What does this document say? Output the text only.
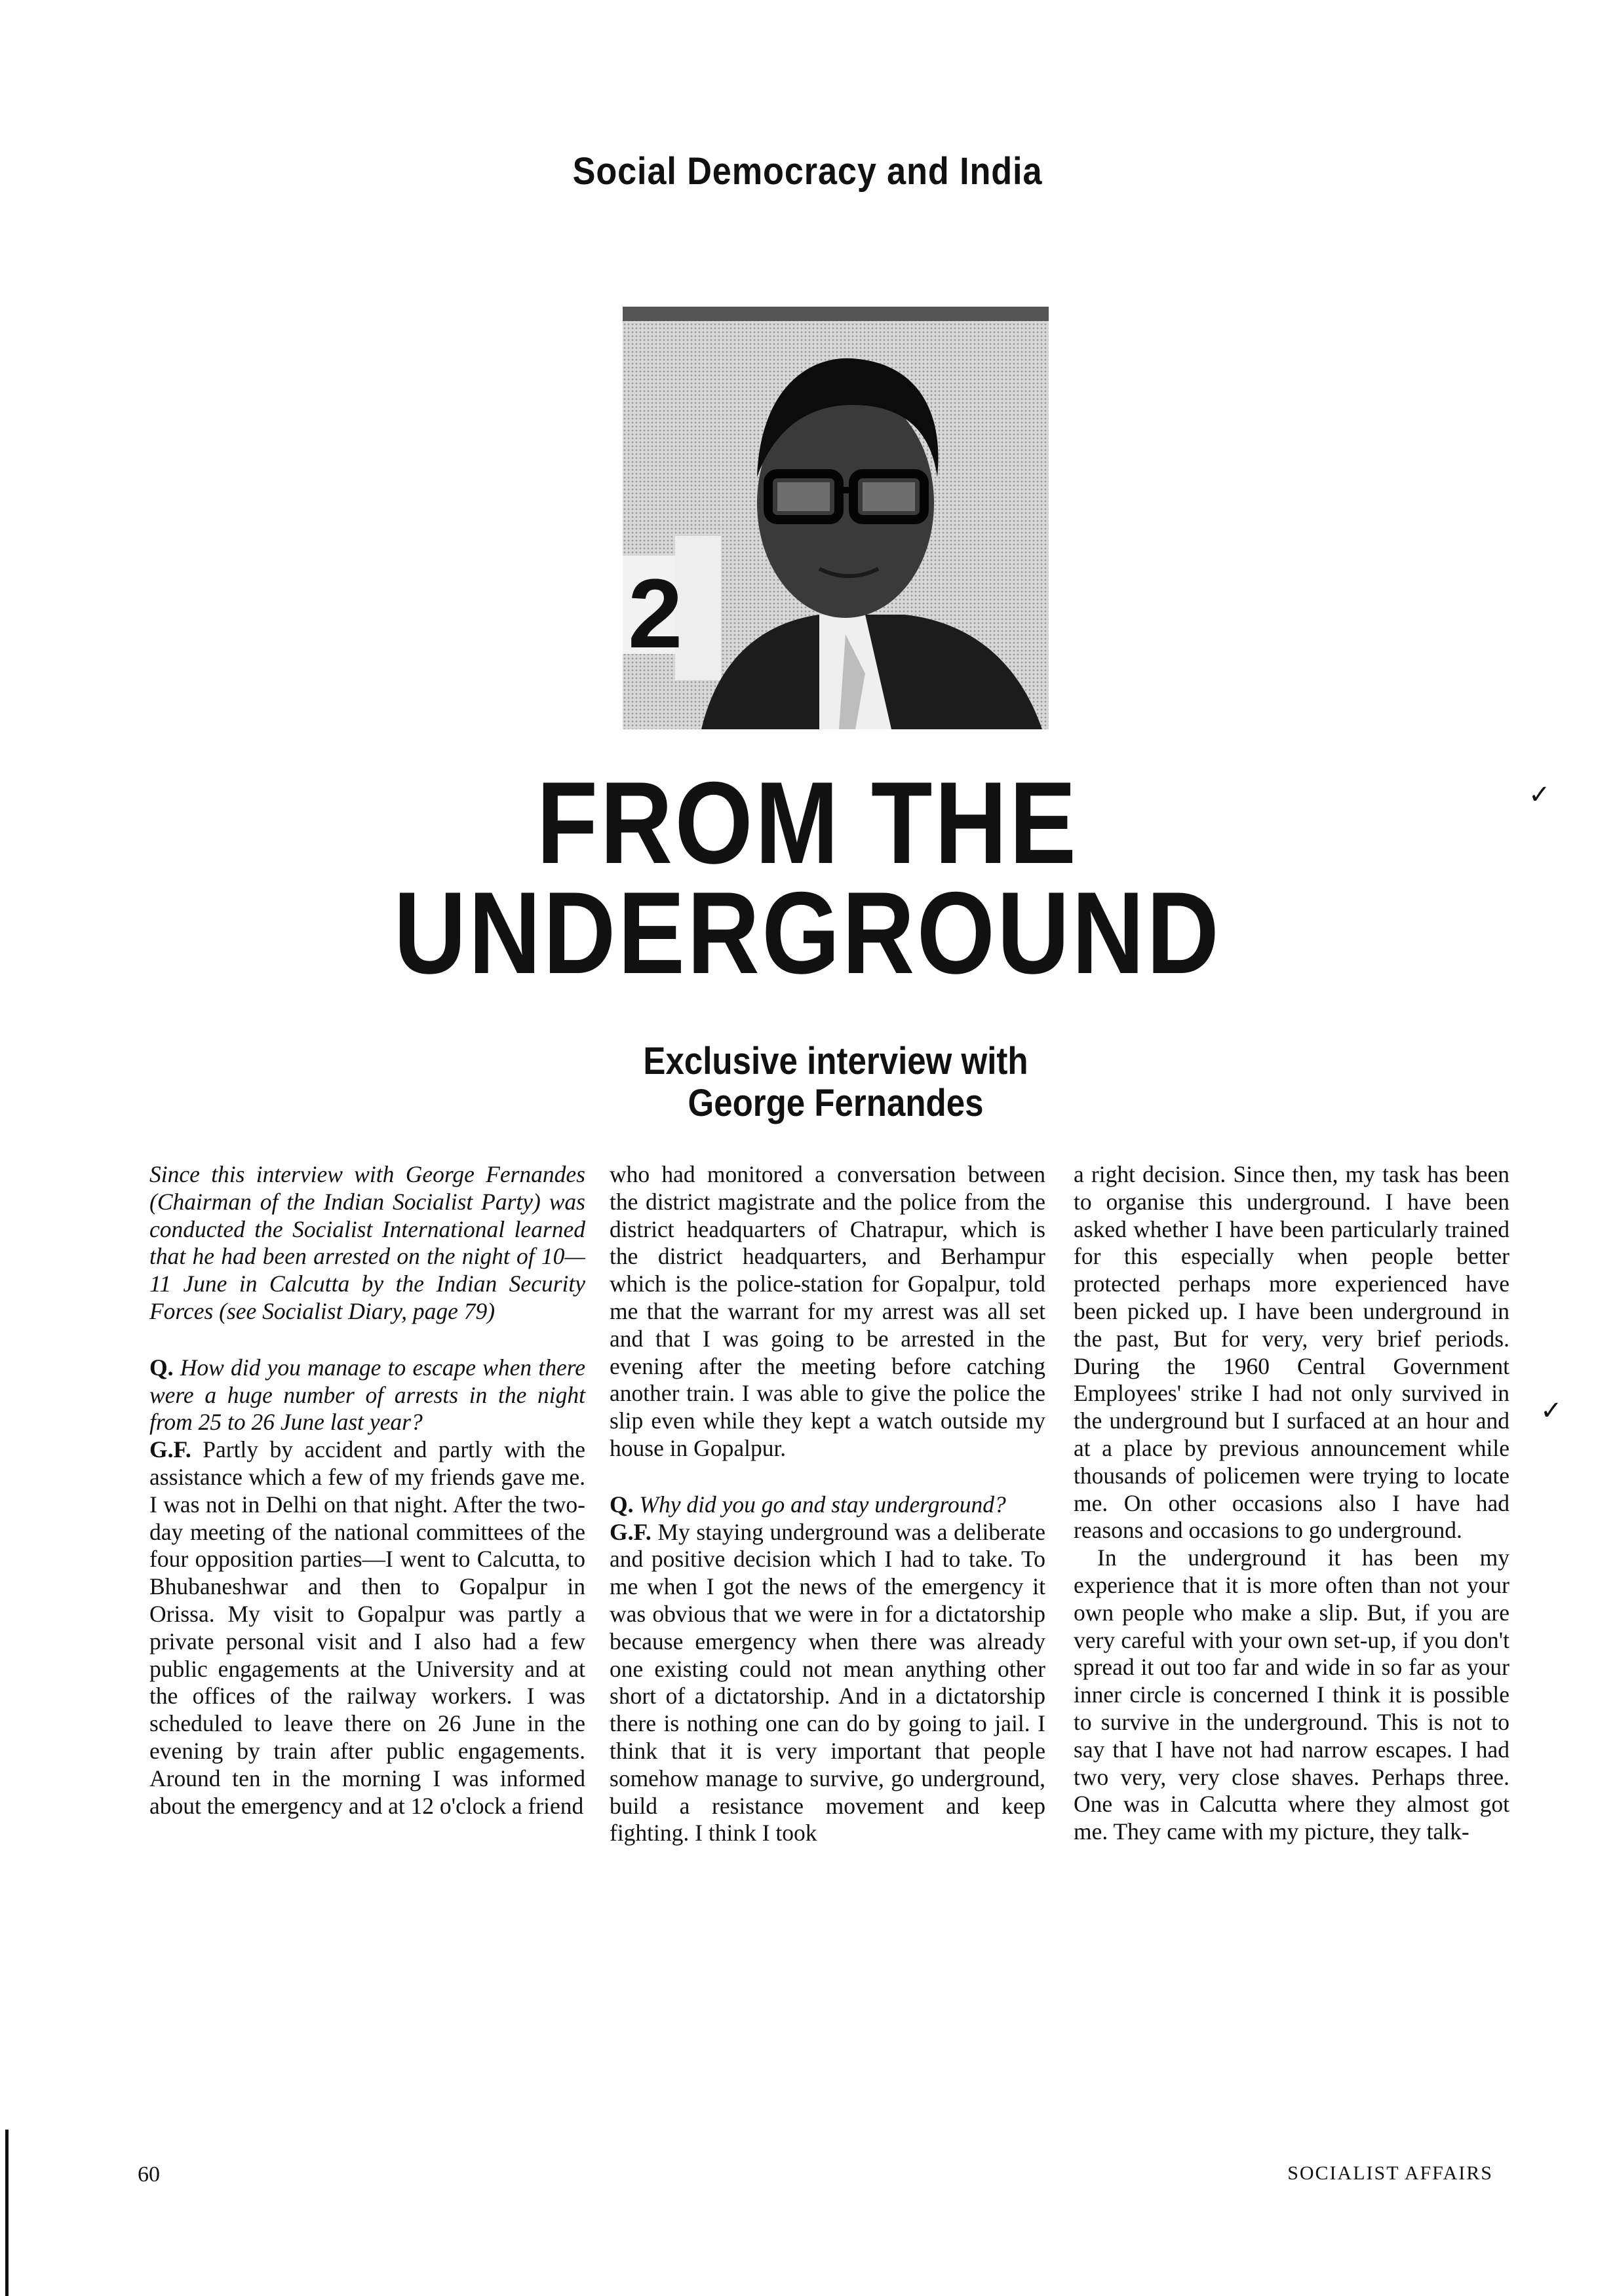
Social Democracy and India
2
FROM THE
UNDERGROUND
✓
✓
Exclusive interview with
George Fernandes

Since this interview with George Fernandes (Chairman of the Indian Socialist Party) was conducted the Socialist International learned that he had been arrested on the night of 10—11 June in Calcutta by the Indian Security Forces (see Socialist Diary, page 79)

Q. How did you manage to escape when there were a huge number of arrests in the night from 25 to 26 June last year?

G.F. Partly by accident and partly with the assistance which a few of my friends gave me. I was not in Delhi on that night. After the two-day meeting of the national committees of the four opposition parties—I went to Calcutta, to Bhubaneshwar and then to Gopalpur in Orissa. My visit to Gopalpur was partly a private personal visit and I also had a few public engagements at the University and at the offices of the railway workers. I was scheduled to leave there on 26 June in the evening by train after public engagements. Around ten in the morning I was informed about the emergency and at 12 o'clock a friend

who had monitored a conversation between the district magistrate and the police from the district headquarters of Chatrapur, which is the district headquarters, and Berhampur which is the police-station for Gopalpur, told me that the warrant for my arrest was all set and that I was going to be arrested in the evening after the meeting before catching another train. I was able to give the police the slip even while they kept a watch outside my house in Gopalpur.

Q. Why did you go and stay underground?

G.F. My staying underground was a deliberate and positive decision which I had to take. To me when I got the news of the emergency it was obvious that we were in for a dictatorship because emergency when there was already one existing could not mean anything other short of a dictatorship. And in a dictatorship there is nothing one can do by going to jail. I think that it is very important that people somehow manage to survive, go underground, build a resistance movement and keep fighting. I think I took

a right decision. Since then, my task has been to organise this underground. I have been asked whether I have been particularly trained for this especially when people better protected perhaps more experienced have been picked up. I have been underground in the past, But for very, very brief periods. During the 1960 Central Government Employees' strike I had not only survived in the underground but I surfaced at an hour and at a place by previous announcement while thousands of policemen were trying to locate me. On other occasions also I have had reasons and occasions to go underground.

In the underground it has been my experience that it is more often than not your own people who make a slip. But, if you are very careful with your own set-up, if you don't spread it out too far and wide in so far as your inner circle is concerned I think it is possible to survive in the underground. This is not to say that I have not had narrow escapes. I had two very, very close shaves. Perhaps three. One was in Calcutta where they almost got me. They came with my picture, they talk-

60	SOCIALIST AFFAIRS
